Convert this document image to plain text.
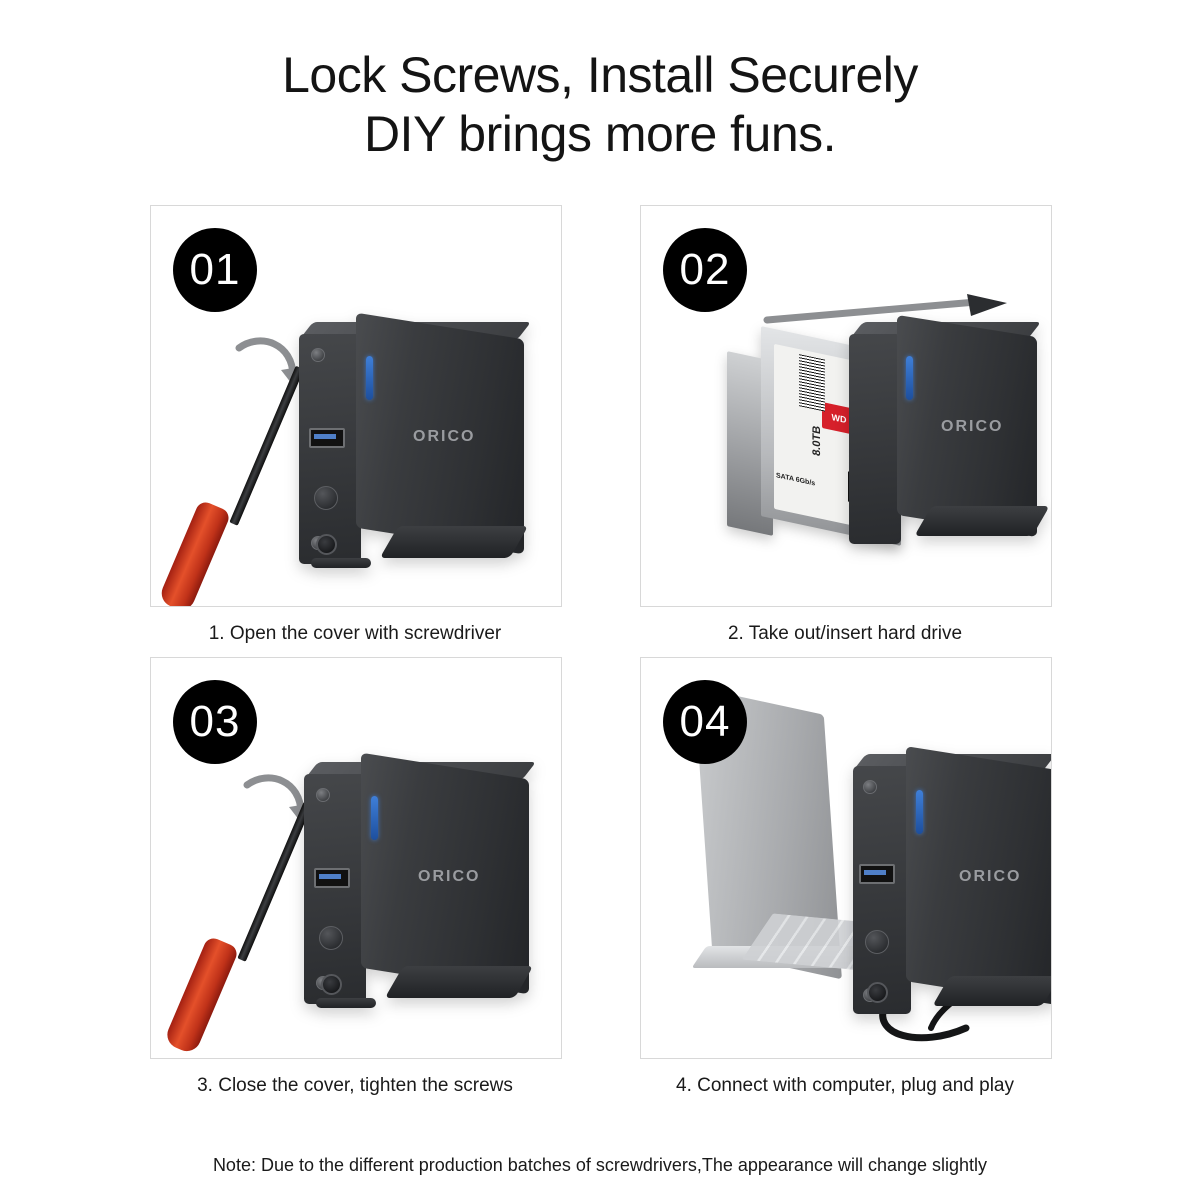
Lock Screws, Install Securely
DIY brings more funs.
01
ORICO
1. Open the cover with screwdriver
02
WD
8.0TB
SATA 6Gb/s
ORICO
2. Take out/insert hard drive
03
ORICO
3. Close the cover, tighten the screws
04
ORICO
4. Connect with computer, plug and play
Note: Due to the different production batches of screwdrivers,The appearance will change slightly
